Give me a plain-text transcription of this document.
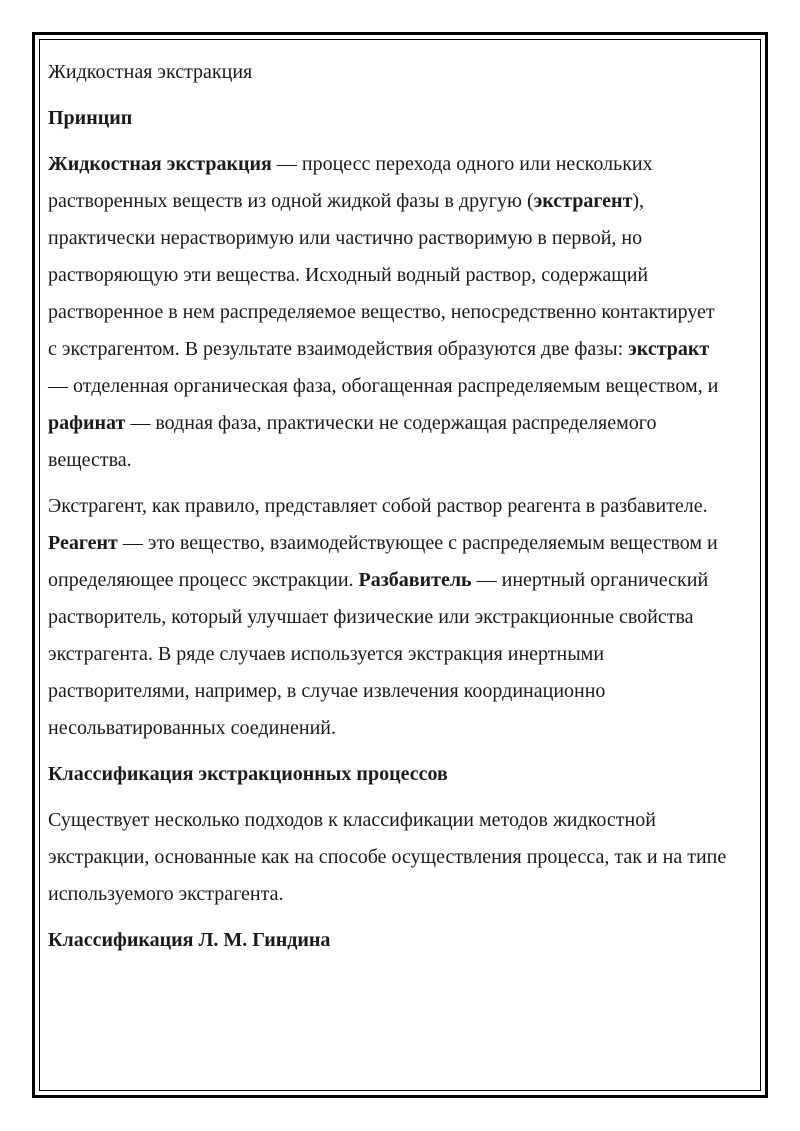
Жидкостная экстракция

Принцип

Жидкостная экстракция — процесс перехода одного или нескольких растворенных веществ из одной жидкой фазы в другую (экстрагент), практически нерастворимую или частично растворимую в первой, но растворяющую эти вещества. Исходный водный раствор, содержащий растворенное в нем распределяемое вещество, непосредственно контактирует с экстрагентом. В результате взаимодействия образуются две фазы: экстракт — отделенная органическая фаза, обогащенная распределяемым веществом, и рафинат — водная фаза, практически не содержащая распределяемого вещества.

Экстрагент, как правило, представляет собой раствор реагента в разбавителе. Реагент — это вещество, взаимодействующее с распределяемым веществом и определяющее процесс экстракции. Разбавитель — инертный органический растворитель, который улучшает физические или экстракционные свойства экстрагента. В ряде случаев используется экстракция инертными растворителями, например, в случае извлечения координационно несольватированных соединений.

Классификация экстракционных процессов

Существует несколько подходов к классификации методов жидкостной экстракции, основанные как на способе осуществления процесса, так и на типе используемого экстрагента.

Классификация Л. М. Гиндина
